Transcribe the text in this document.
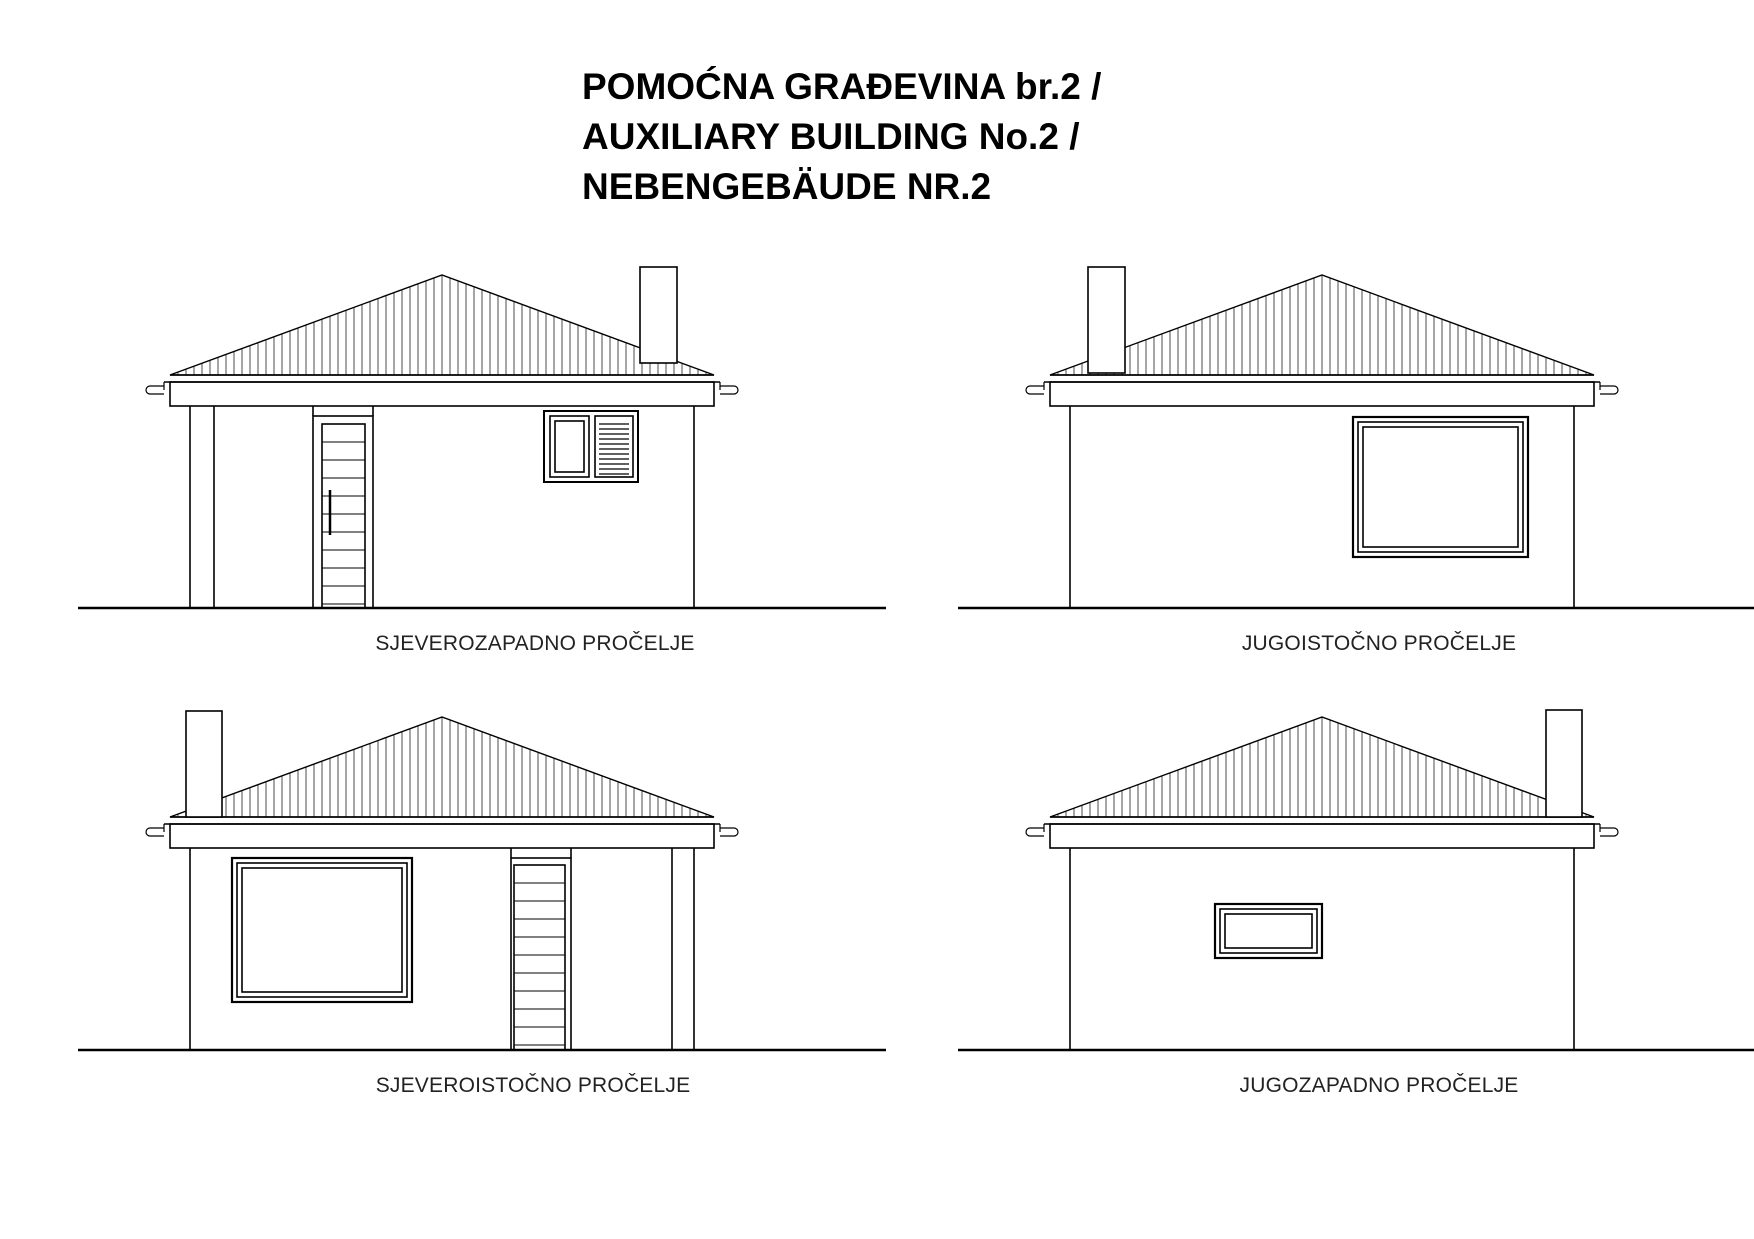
POMOĆNA GRAĐEVINA br.2 /
AUXILIARY BUILDING No.2 /
NEBENGEBÄUDE NR.2
SJEVEROZAPADNO PROČELJE	JUGOISTOČNO PROČELJE
SJEVEROISTOČNO PROČELJE	JUGOZAPADNO PROČELJE
